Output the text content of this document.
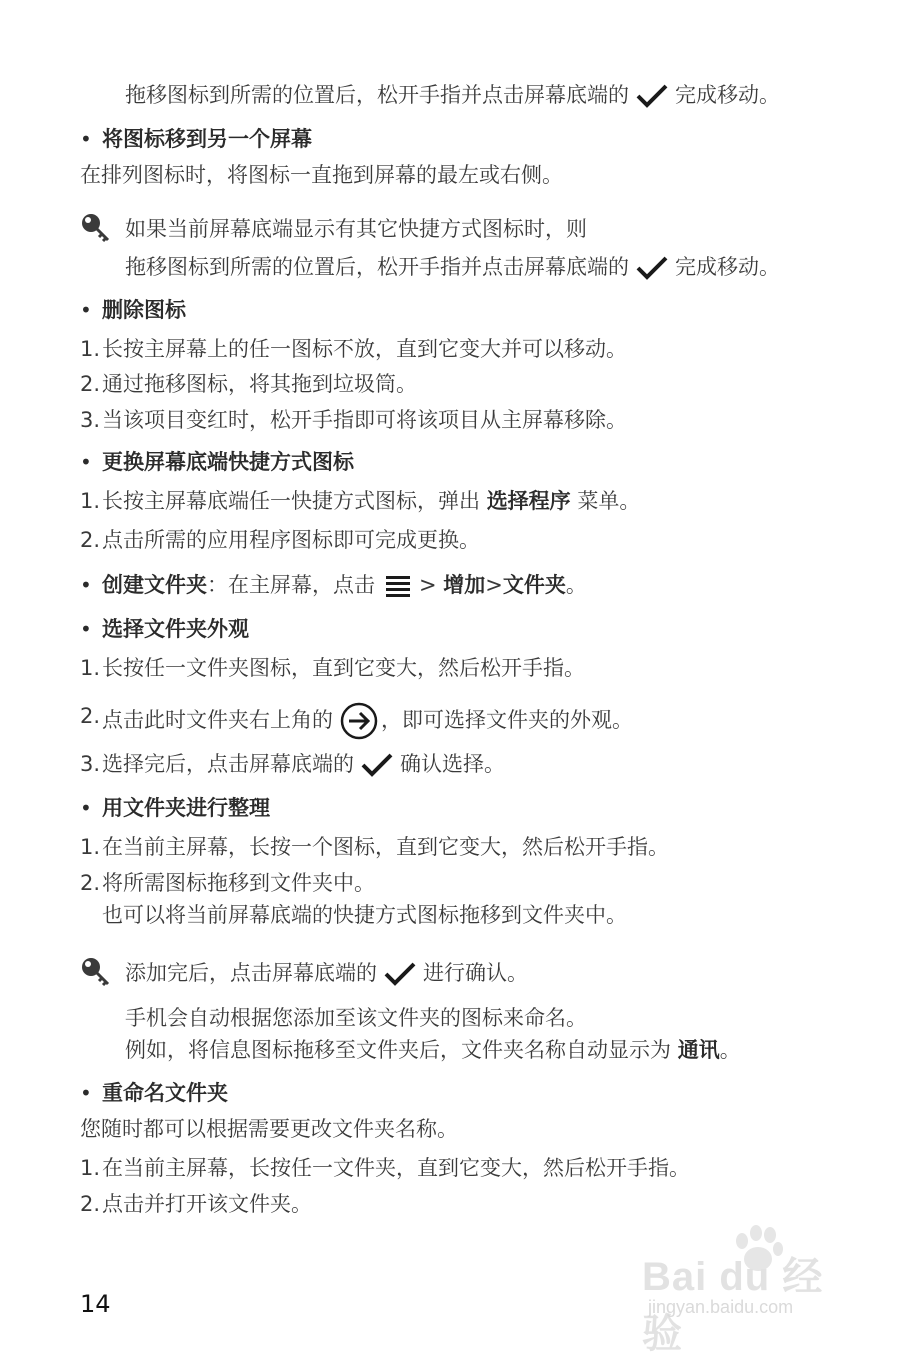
拖移图标到所需的位置后，松开手指并点击屏幕底端的 完成移动。
• 将图标移到另一个屏幕
在排列图标时，将图标一直拖到屏幕的最左或右侧。
如果当前屏幕底端显示有其它快捷方式图标时，则
拖移图标到所需的位置后，松开手指并点击屏幕底端的 完成移动。
• 删除图标
1. 长按主屏幕上的任一图标不放，直到它变大并可以移动。
2. 通过拖移图标，将其拖到垃圾筒。
3. 当该项目变红时，松开手指即可将该项目从主屏幕移除。
• 更换屏幕底端快捷方式图标
1. 长按主屏幕底端任一快捷方式图标，弹出 选择程序 菜单。
2. 点击所需的应用程序图标即可完成更换。
• 创建文件夹：在主屏幕，点击 > 增加>文件夹。
• 选择文件夹外观
1. 长按任一文件夹图标，直到它变大，然后松开手指。
2. 点击此时文件夹右上角的 ，即可选择文件夹的外观。
3. 选择完后，点击屏幕底端的 确认选择。
• 用文件夹进行整理
1. 在当前主屏幕，长按一个图标，直到它变大，然后松开手指。
2. 将所需图标拖移到文件夹中。
也可以将当前屏幕底端的快捷方式图标拖移到文件夹中。
添加完后，点击屏幕底端的 进行确认。
手机会自动根据您添加至该文件夹的图标来命名。
例如，将信息图标拖移至文件夹后，文件夹名称自动显示为 通讯。
• 重命名文件夹
您随时都可以根据需要更改文件夹名称。
1. 在当前主屏幕，长按任一文件夹，直到它变大，然后松开手指。
2. 点击并打开该文件夹。
14
Bai du 经验
jingyan.baidu.com
